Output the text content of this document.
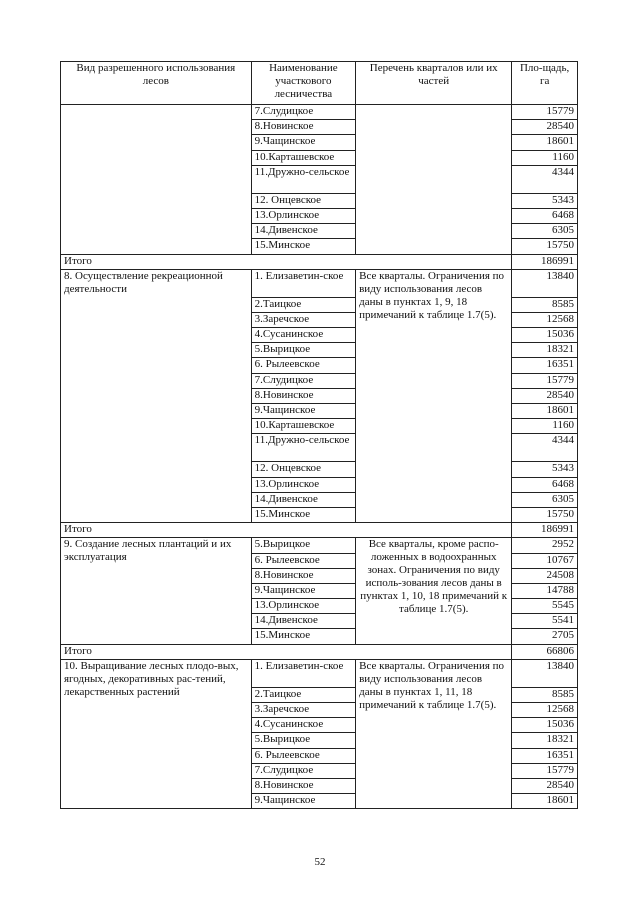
Вид разрешенного использования лесов	Наименование участкового лесничества	Перечень кварталов или их частей	Пло-щадь, га
	7.Слудицкое		15779
	8.Новинское		28540
	9.Чащинское		18601
	10.Карташевское		1160
	11.Дружно-сельское		4344
	12. Онцевское		5343
	13.Орлинское		6468
	14.Дивенское		6305
	15.Минское		15750
Итого			186991
8. Осуществление рекреационной деятельности	1. Елизаветин-ское	Все кварталы. Ограничения по виду использования лесов даны в пунктах 1, 9, 18 примечаний к таблице 1.7(5).	13840
	2.Таицкое		8585
	3.Заречское		12568
	4.Сусанинское		15036
	5.Вырицкое		18321
	6. Рылеевское		16351
	7.Слудицкое		15779
	8.Новинское		28540
	9.Чащинское		18601
	10.Карташевское		1160
	11.Дружно-сельское		4344
	12. Онцевское		5343
	13.Орлинское		6468
	14.Дивенское		6305
	15.Минское		15750
Итого			186991
9. Создание лесных плантаций и их эксплуатация	5.Вырицкое	Все кварталы, кроме распо-ложенных в водоохранных зонах. Ограничения по виду исполь-зования лесов даны в пунктах 1, 10, 18 примечаний к таблице 1.7(5).	2952
	6. Рылеевское		10767
	8.Новинское		24508
	9.Чащинское		14788
	13.Орлинское		5545
	14.Дивенское		5541
	15.Минское		2705
Итого			66806
10. Выращивание лесных плодо-вых, ягодных, декоративных рас-тений, лекарственных растений	1. Елизаветин-ское	Все кварталы. Ограничения по виду использования лесов даны в пунктах 1, 11, 18 примечаний к таблице 1.7(5).	13840
	2.Таицкое		8585
	3.Заречское		12568
	4.Сусанинское		15036
	5.Вырицкое		18321
	6. Рылеевское		16351
	7.Слудицкое		15779
	8.Новинское		28540
	9.Чащинское		18601
52
